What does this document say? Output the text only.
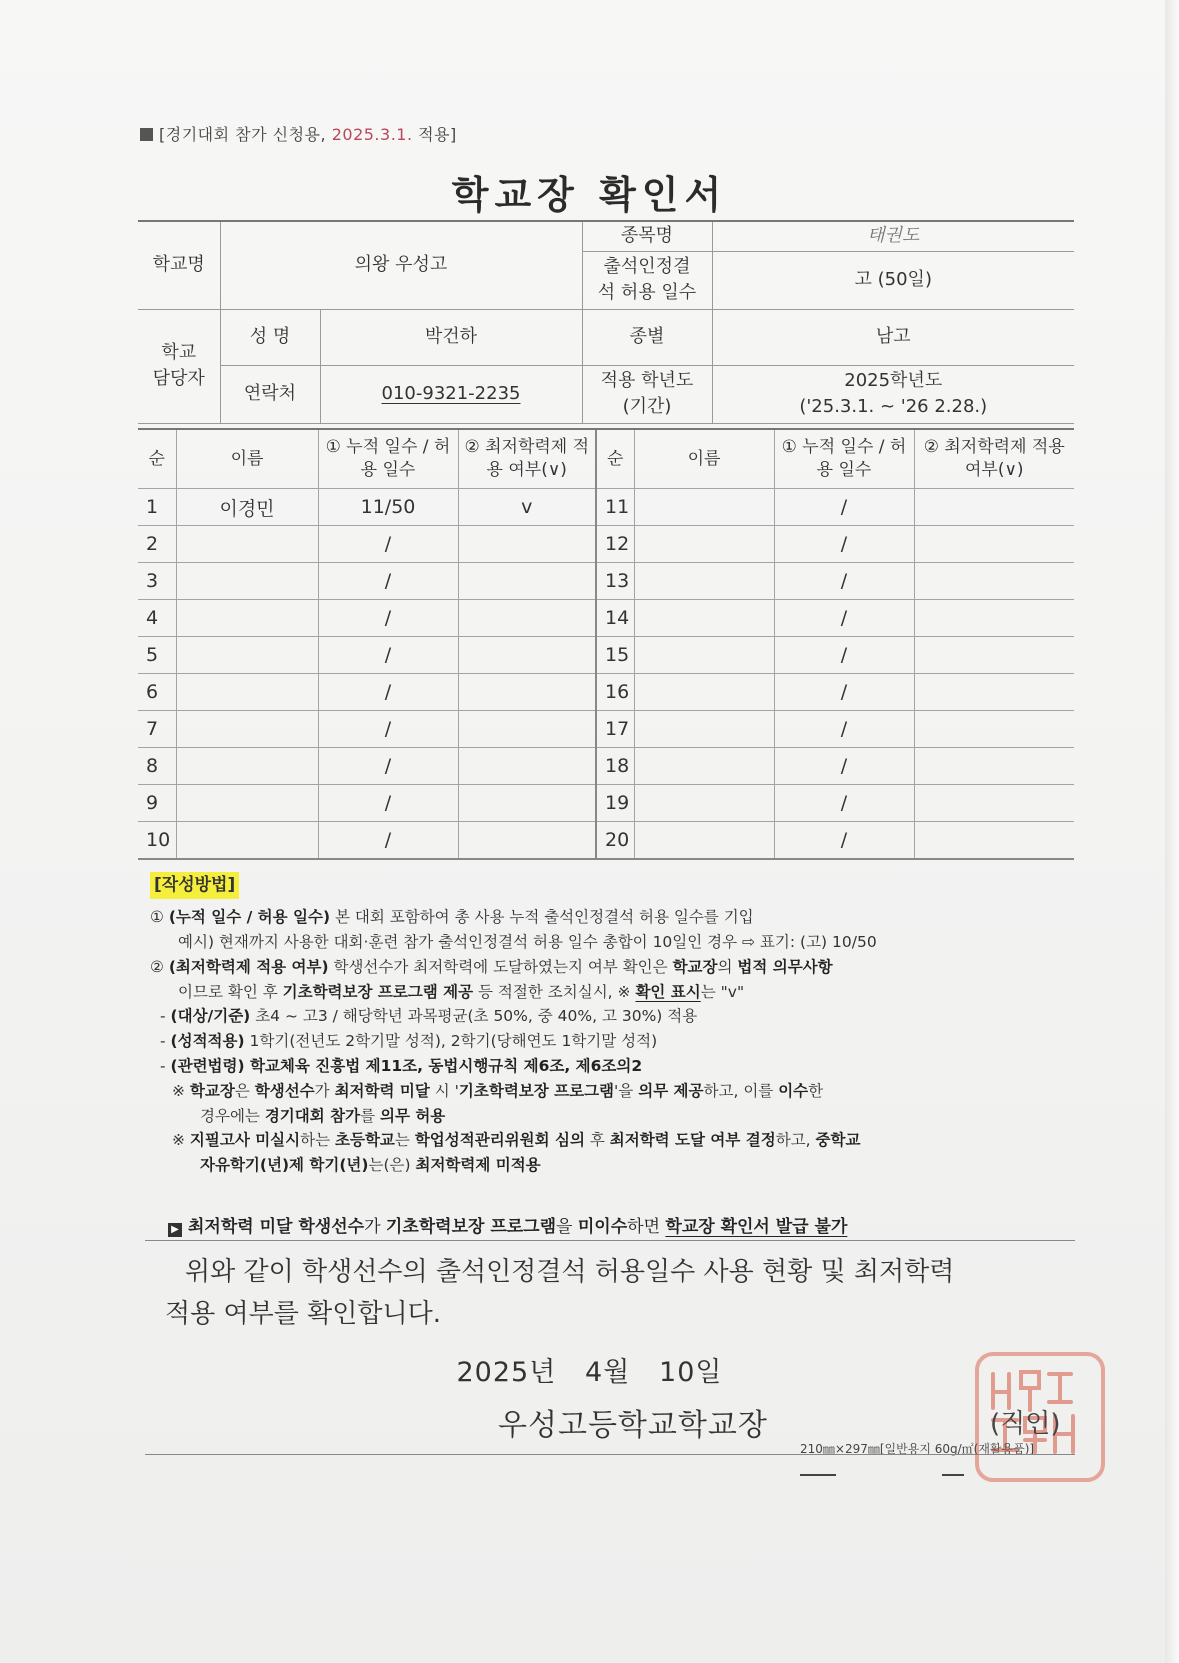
[경기대회 참가 신청용, 2025.3.1. 적용]
학교장 확인서
학교명	의왕 우성고		종목명	태권도
			출석인정결석 허용 일수	고 (50일)
학교 담당자	성 명	박건하	종별	남고
	연락처	010-9321-2235	적용 학년도 (기간)	2025학년도
('25.3.1. ~ '26 2.28.)
순	이름	① 누적 일수 / 허용 일수	② 최저학력제 적용 여부(∨)	순	이름	① 누적 일수 / 허용 일수	② 최저학력제 적용 여부(∨)
1	이경민	11/50	v	11		/	
2		/		12		/	
3		/		13		/	
4		/		14		/	
5		/		15		/	
6		/		16		/	
7		/		17		/	
8		/		18		/	
9		/		19		/	
10		/		20		/	
[작성방법]
① (누적 일수 / 허용 일수) 본 대회 포함하여 총 사용 누적 출석인정결석 허용 일수를 기입
예시) 현재까지 사용한 대회·훈련 참가 출석인정결석 허용 일수 총합이 10일인 경우 ⇨ 표기: (고) 10/50
② (최저학력제 적용 여부) 학생선수가 최저학력에 도달하였는지 여부 확인은 학교장의 법적 의무사항
이므로 확인 후 기초학력보장 프로그램 제공 등 적절한 조치실시, ※ 확인 표시는 "v"
- (대상/기준) 초4 ~ 고3 / 해당학년 과목평균(초 50%, 중 40%, 고 30%) 적용
- (성적적용) 1학기(전년도 2학기말 성적), 2학기(당해연도 1학기말 성적)
- (관련법령) 학교체육 진흥법 제11조, 동법시행규칙 제6조, 제6조의2
※ 학교장은 학생선수가 최저학력 미달 시 '기초학력보장 프로그램'을 의무 제공하고, 이를 이수한
경우에는 경기대회 참가를 의무 허용
※ 지필고사 미실시하는 초등학교는 학업성적관리위원회 심의 후 최저학력 도달 여부 결정하고, 중학교
자유학기(년)제 학기(년)는(은) 최저학력제 미적용
▶ 최저학력 미달 학생선수가 기초학력보장 프로그램을 미이수하면 학교장 확인서 발급 불가
위와 같이 학생선수의 출석인정결석 허용일수 사용 현황 및 최저학력
적용 여부를 확인합니다.
2025년   4월   10일
우성고등학교학교장	(직인)
210㎜×297㎜[일반용지 60g/㎡(재활용품)]
